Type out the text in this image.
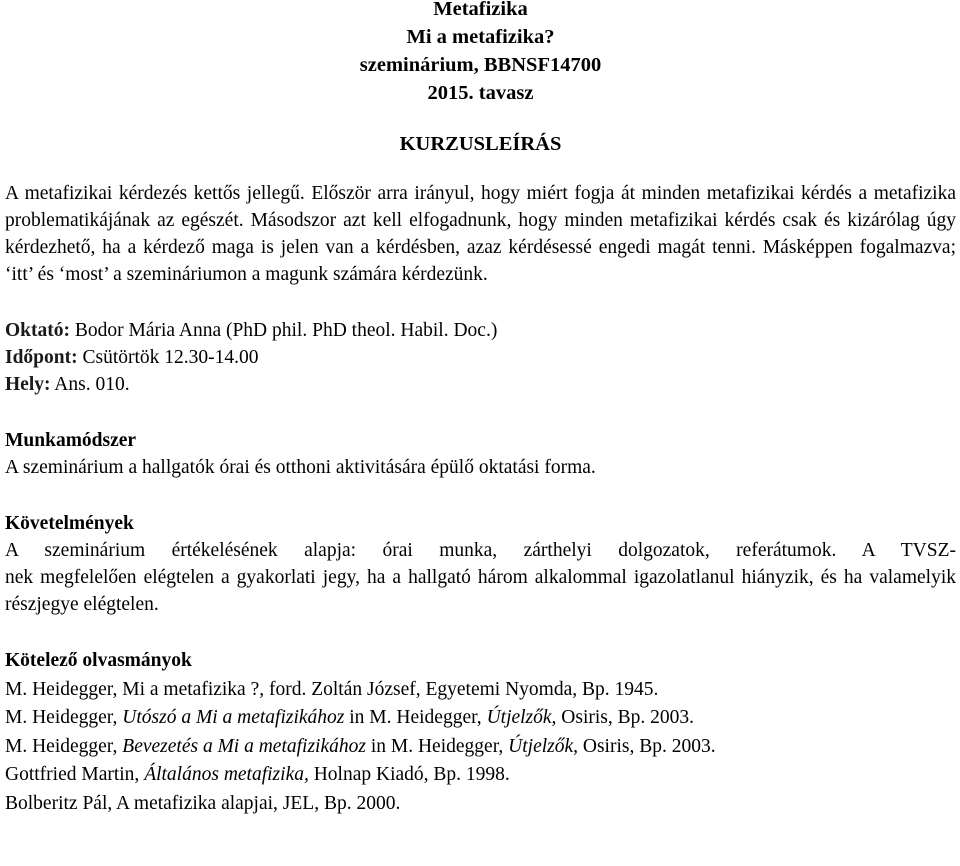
Metafizika
Mi a metafizika?
szeminárium, BBNSF14700
2015. tavasz
KURZUSLEÍRÁS
A metafizikai kérdezés kettős jellegű. Először arra irányul, hogy miért fogja át minden metafizikai kérdés a metafizika problematikájának az egészét. Másodszor azt kell elfogadnunk, hogy minden metafizikai kérdés csak és kizárólag úgy kérdezhető, ha a kérdező maga is jelen van a kérdésben, azaz kérdésessé engedi magát tenni. Másképpen fogalmazva; ‘itt’ és ‘most’ a szemináriumon a magunk számára kérdezünk.
Oktató: Bodor Mária Anna (PhD phil. PhD theol. Habil. Doc.)
Időpont: Csütörtök 12.30-14.00
Hely: Ans. 010.
Munkamódszer
A szeminárium a hallgatók órai és otthoni aktivitására épülő oktatási forma.
Követelmények
A szeminárium értékelésének alapja: órai munka, zárthelyi dolgozatok, referátumok. A TVSZ-
nek megfelelően elégtelen a gyakorlati jegy, ha a hallgató három alkalommal igazolatlanul hiányzik, és ha valamelyik részjegye elégtelen.
Kötelező olvasmányok
M. Heidegger, Mi a metafizika ?, ford. Zoltán József, Egyetemi Nyomda, Bp. 1945.
M. Heidegger, Utószó a Mi a metafizikához in M. Heidegger, Útjelzők, Osiris, Bp. 2003.
M. Heidegger, Bevezetés a Mi a metafizikához in M. Heidegger, Útjelzők, Osiris, Bp. 2003.
Gottfried Martin, Általános metafizika, Holnap Kiadó, Bp. 1998.
Bolberitz Pál, A metafizika alapjai, JEL, Bp. 2000.
